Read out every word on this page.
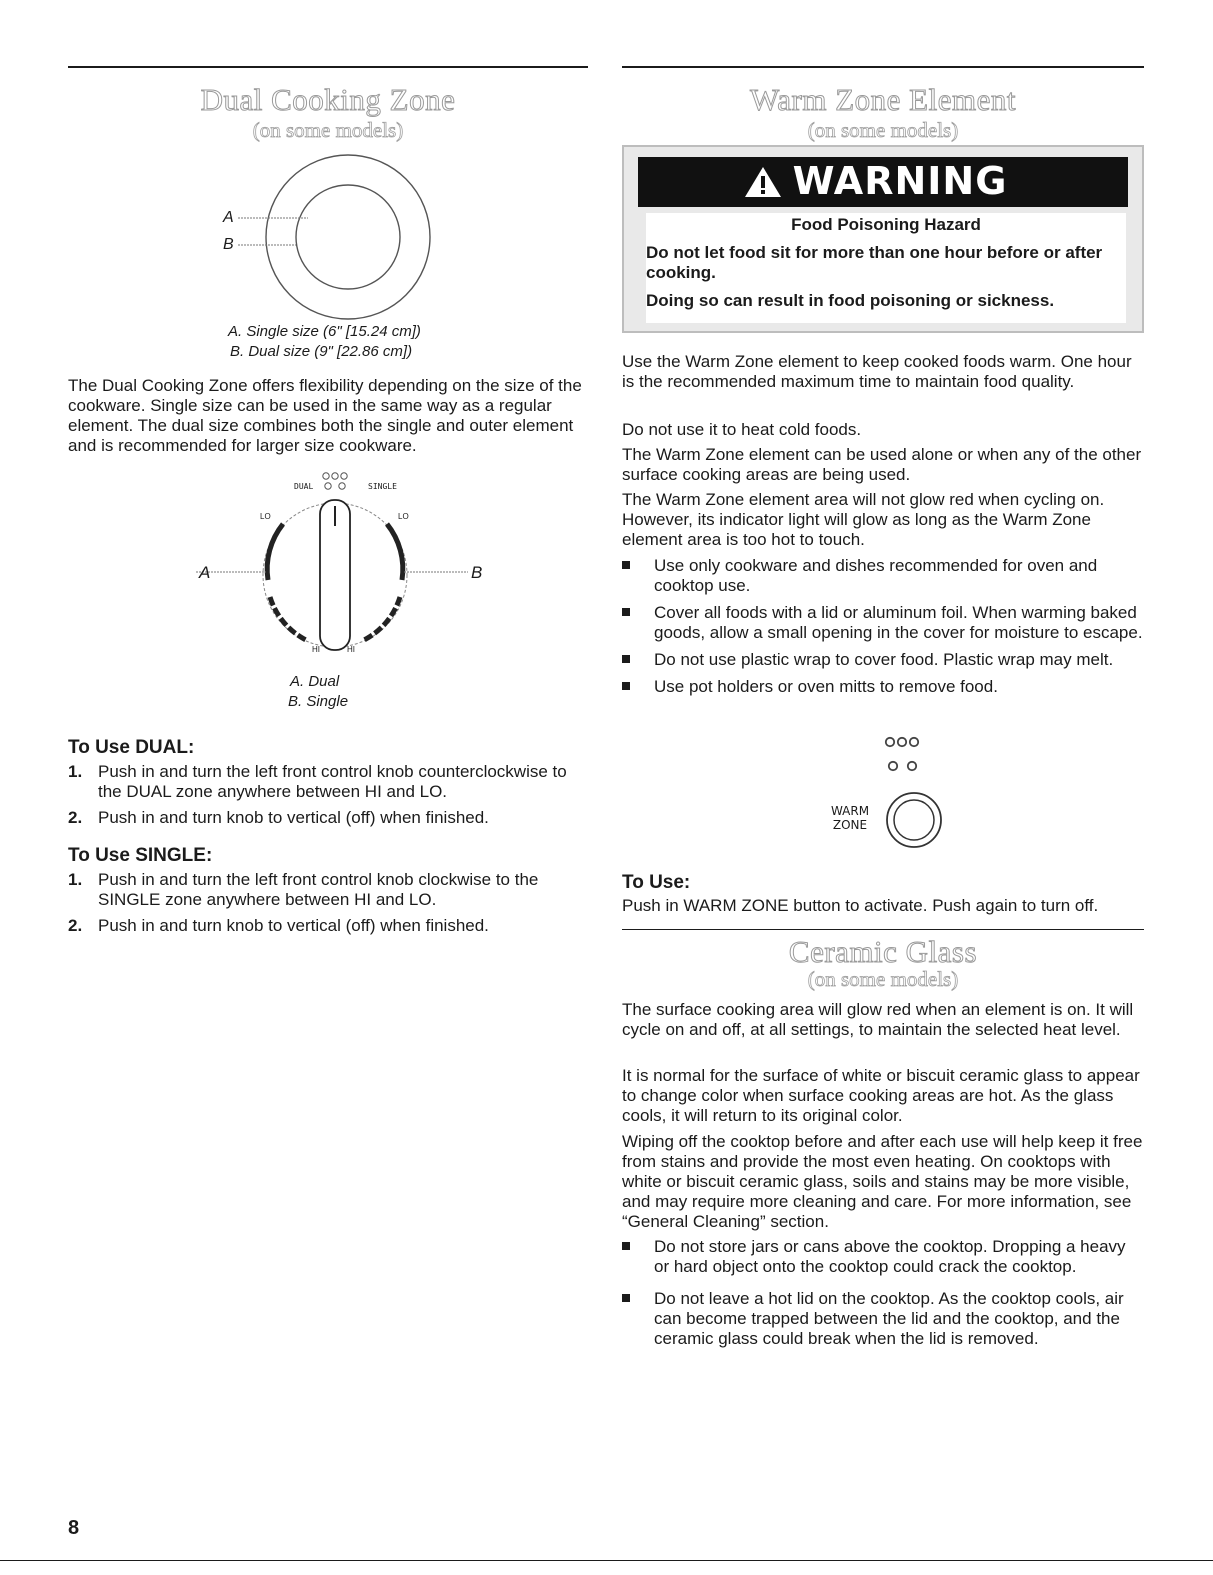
Dual Cooking Zone
(on some models)
A
B
A. Single size (6" [15.24 cm])
B. Dual size (9" [22.86 cm])

The Dual Cooking Zone offers flexibility depending on the size of the cookware. Single size can be used in the same way as a regular element. The dual size combines both the single and outer element and is recommended for larger size cookware.

DUAL	SINGLE
LO	LO
HI	HI
A	B
A. Dual
B. Single
To Use DUAL:
1. Push in and turn the left front control knob counterclockwise to the DUAL zone anywhere between HI and LO.
2. Push in and turn knob to vertical (off) when finished.
To Use SINGLE:
1. Push in and turn the left front control knob clockwise to the SINGLE zone anywhere between HI and LO.
2. Push in and turn knob to vertical (off) when finished.
Warm Zone Element
(on some models)
WARNING
Food Poisoning Hazard
Do not let food sit for more than one hour before or after cooking.
Doing so can result in food poisoning or sickness.

Use the Warm Zone element to keep cooked foods warm. One hour is the recommended maximum time to maintain food quality.

Do not use it to heat cold foods.

The Warm Zone element can be used alone or when any of the other surface cooking areas are being used.

The Warm Zone element area will not glow red when cycling on. However, its indicator light will glow as long as the Warm Zone element area is too hot to touch.

Use only cookware and dishes recommended for oven and cooktop use.
Cover all foods with a lid or aluminum foil. When warming baked goods, allow a small opening in the cover for moisture to escape.
Do not use plastic wrap to cover food. Plastic wrap may melt.
Use pot holders or oven mitts to remove food.
WARM
ZONE
To Use:

Push in WARM ZONE button to activate. Push again to turn off.

Ceramic Glass
(on some models)

The surface cooking area will glow red when an element is on. It will cycle on and off, at all settings, to maintain the selected heat level.

It is normal for the surface of white or biscuit ceramic glass to appear to change color when surface cooking areas are hot. As the glass cools, it will return to its original color.

Wiping off the cooktop before and after each use will help keep it free from stains and provide the most even heating. On cooktops with white or biscuit ceramic glass, soils and stains may be more visible, and may require more cleaning and care. For more information, see “General Cleaning” section.

Do not store jars or cans above the cooktop. Dropping a heavy or hard object onto the cooktop could crack the cooktop.
Do not leave a hot lid on the cooktop. As the cooktop cools, air can become trapped between the lid and the cooktop, and the ceramic glass could break when the lid is removed.
8
